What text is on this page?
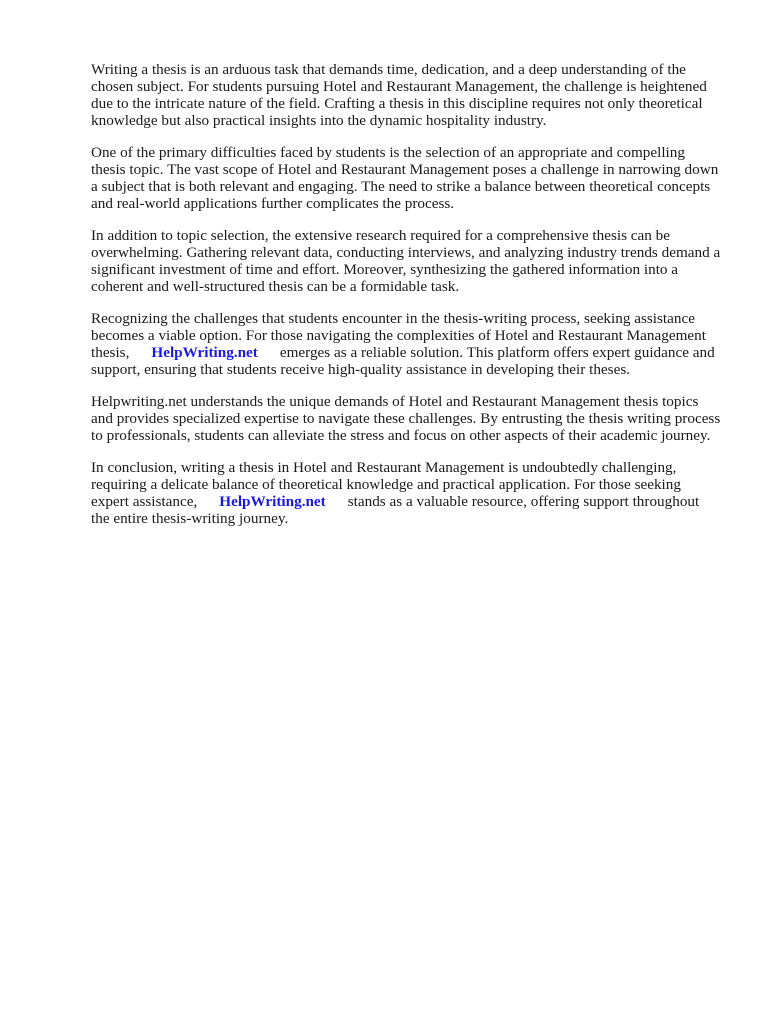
Writing a thesis is an arduous task that demands time, dedication, and a deep understanding of the chosen subject. For students pursuing Hotel and Restaurant Management, the challenge is heightened due to the intricate nature of the field. Crafting a thesis in this discipline requires not only theoretical knowledge but also practical insights into the dynamic hospitality industry.

One of the primary difficulties faced by students is the selection of an appropriate and compelling thesis topic. The vast scope of Hotel and Restaurant Management poses a challenge in narrowing down a subject that is both relevant and engaging. The need to strike a balance between theoretical concepts and real-world applications further complicates the process.

In addition to topic selection, the extensive research required for a comprehensive thesis can be overwhelming. Gathering relevant data, conducting interviews, and analyzing industry trends demand a significant investment of time and effort. Moreover, synthesizing the gathered information into a coherent and well-structured thesis can be a formidable task.

Recognizing the challenges that students encounter in the thesis-writing process, seeking assistance becomes a viable option. For those navigating the complexities of Hotel and Restaurant Management thesis, HelpWriting.net emerges as a reliable solution. This platform offers expert guidance and support, ensuring that students receive high-quality assistance in developing their theses.

Helpwriting.net understands the unique demands of Hotel and Restaurant Management thesis topics and provides specialized expertise to navigate these challenges. By entrusting the thesis writing process to professionals, students can alleviate the stress and focus on other aspects of their academic journey.

In conclusion, writing a thesis in Hotel and Restaurant Management is undoubtedly challenging, requiring a delicate balance of theoretical knowledge and practical application. For those seeking expert assistance, HelpWriting.net stands as a valuable resource, offering support throughout the entire thesis-writing journey.
